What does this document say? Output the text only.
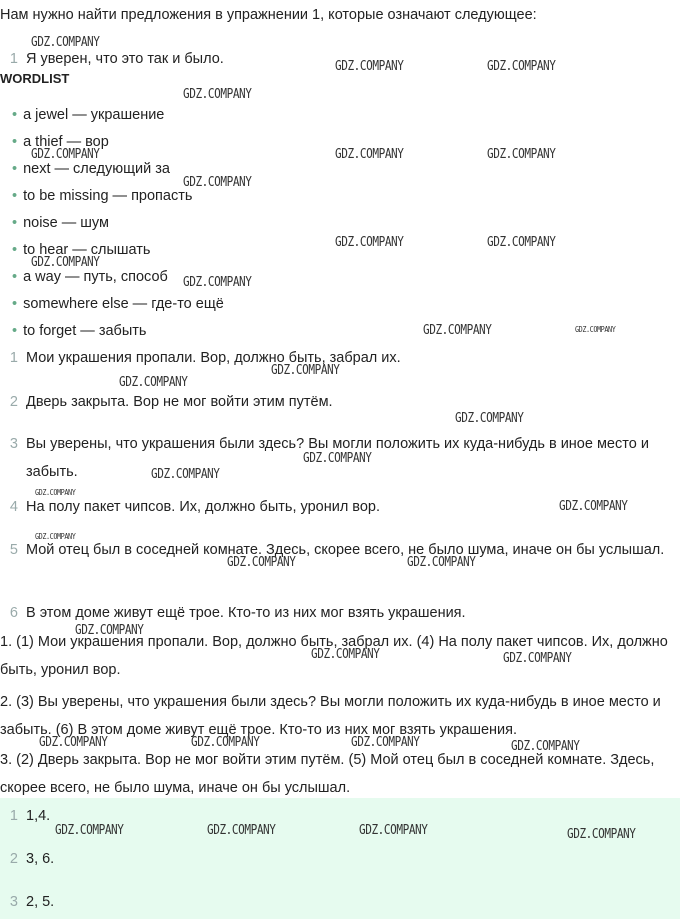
Нам нужно найти предложения в упражнении 1, которые означают следующее:
1 Я уверен, что это так и было.
WORDLIST
• a jewel — украшение
• a thief — вор
• next — следующий за
• to be missing — пропасть
• noise — шум
• to hear — слышать
• a way — путь, способ
• somewhere else — где-то ещё
• to forget — забыть
1 Мои украшения пропали. Вор, должно быть, забрал их.
2 Дверь закрыта. Вор не мог войти этим путём.
3 Вы уверены, что украшения были здесь? Вы могли положить их куда-нибудь в иное место и забыть.
4 На полу пакет чипсов. Их, должно быть, уронил вор.
5 Мой отец был в соседней комнате. Здесь, скорее всего, не было шума, иначе он бы услышал.
6 В этом доме живут ещё трое. Кто-то из них мог взять украшения.
1. (1) Мои украшения пропали. Вор, должно быть, забрал их. (4) На полу пакет чипсов. Их, должно быть, уронил вор.
2. (3) Вы уверены, что украшения были здесь? Вы могли положить их куда-нибудь в иное место и забыть. (6) В этом доме живут ещё трое. Кто-то из них мог взять украшения.
3. (2) Дверь закрыта. Вор не мог войти этим путём. (5) Мой отец был в соседней комнате. Здесь, скорее всего, не было шума, иначе он бы услышал.
1 1,4.
2 3, 6.
3 2, 5.
GDZ.COMPANY
GDZ.COMPANY	GDZ.COMPANY
GDZ.COMPANY
GDZ.COMPANY	GDZ.COMPANY	GDZ.COMPANY
GDZ.COMPANY
GDZ.COMPANY	GDZ.COMPANY
GDZ.COMPANY
GDZ.COMPANY
GDZ.COMPANY	GDZ.COMPANY
GDZ.COMPANY
GDZ.COMPANY
GDZ.COMPANY
GDZ.COMPANY
GDZ.COMPANY
GDZ.COMPANY
GDZ.COMPANY
GDZ.COMPANY
GDZ.COMPANY	GDZ.COMPANY
GDZ.COMPANY
GDZ.COMPANY	GDZ.COMPANY
GDZ.COMPANY	GDZ.COMPANY	GDZ.COMPANY	GDZ.COMPANY
GDZ.COMPANY	GDZ.COMPANY	GDZ.COMPANY	GDZ.COMPANY
